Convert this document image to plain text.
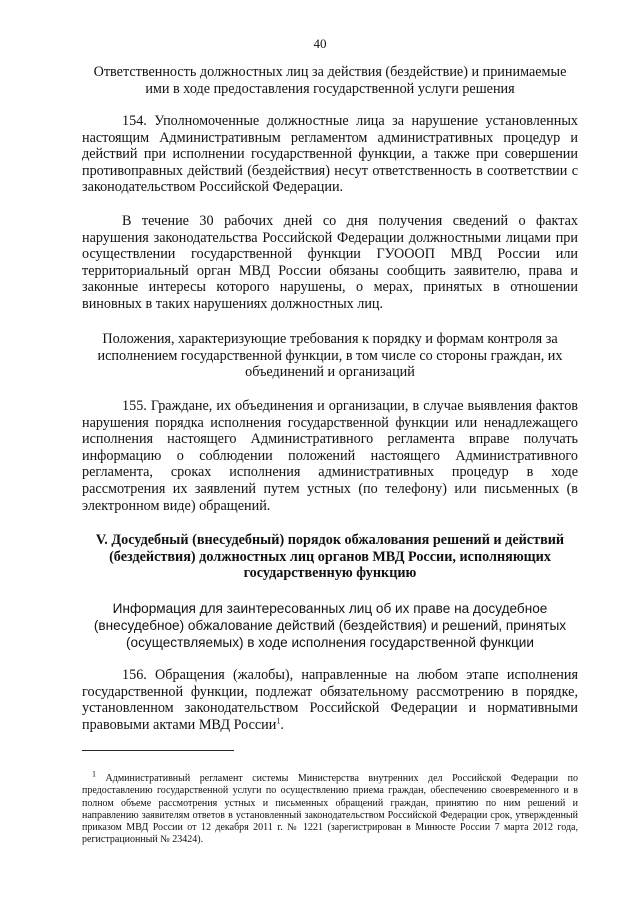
40
Ответственность должностных лиц за действия (бездействие) и принимаемые ими в ходе предоставления государственной услуги решения
154. Уполномоченные должностные лица за нарушение установленных настоящим Административным регламентом административных процедур и действий при исполнении государственной функции, а также при совершении противоправных действий (бездействия) несут ответственность в соответствии с законодательством Российской Федерации.
В течение 30 рабочих дней со дня получения сведений о фактах нарушения законодательства Российской Федерации должностными лицами при осуществлении государственной функции ГУОООП МВД России или территориальный орган МВД России обязаны сообщить заявителю, права и законные интересы которого нарушены, о мерах, принятых в отношении виновных в таких нарушениях должностных лиц.
Положения, характеризующие требования к порядку и формам контроля за исполнением государственной функции, в том числе со стороны граждан, их объединений и организаций
155. Граждане, их объединения и организации, в случае выявления фактов нарушения порядка исполнения государственной функции или ненадлежащего исполнения настоящего Административного регламента вправе получать информацию о соблюдении положений настоящего Административного регламента, сроках исполнения административных процедур в ходе рассмотрения их заявлений путем устных (по телефону) или письменных (в электронном виде) обращений.
V. Досудебный (внесудебный) порядок обжалования решений и действий (бездействия) должностных лиц органов МВД России, исполняющих государственную функцию
Информация для заинтересованных лиц об их праве на досудебное (внесудебное) обжалование действий (бездействия) и решений, принятых (осуществляемых) в ходе исполнения государственной функции
156. Обращения (жалобы), направленные на любом этапе исполнения государственной функции, подлежат обязательному рассмотрению в порядке, установленном законодательством Российской Федерации и нормативными правовыми актами МВД России$^1$.
$^1$ Административный регламент системы Министерства внутренних дел Российской Федерации по предоставлению государственной услуги по осуществлению приема граждан, обеспечению своевременного и в полном объеме рассмотрения устных и письменных обращений граждан, принятию по ним решений и направлению заявителям ответов в установленный законодательством Российской Федерации срок, утвержденный приказом МВД России от 12 декабря 2011 г. № 1221 (зарегистрирован в Минюсте России 7 марта 2012 года, регистрационный № 23424).
